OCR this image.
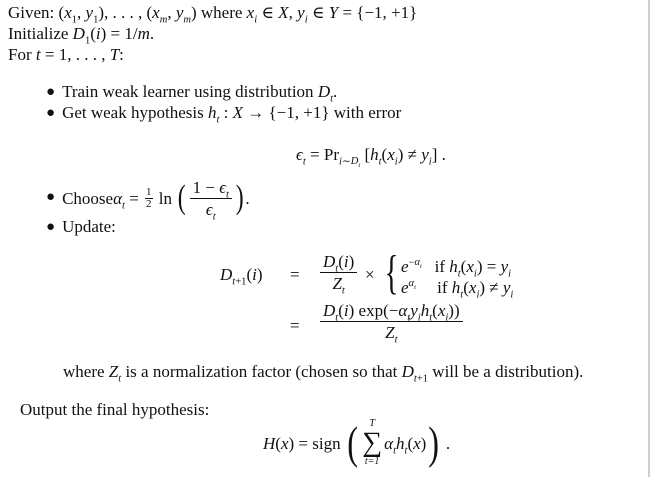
Given: ($x_1$, $y_1$), . . . , ($x_m$, $y_m$) where $x_i$ ∈ X, $y_i$ ∈ Y = {−1, +1}
Initialize $D_1(i) = 1/m$.
For t = 1, . . . , T:
● Train weak learner using distribution $D_t$.
● Get weak hypothesis $h_t$ : X → {−1, +1} with error
$\epsilon_t = Pr_{i\sim D_t}$ $[h_t(x_i) \ne y_i]$ .
● Choose $\alpha_t = \frac{1}{2}$ ln ( $\frac{1 - \epsilon_t}{\epsilon_t}$ ) .
● Update:
$D_{t+1}(i) = \frac{D_t(i)}{Z_t}$ × { $e^{-\alpha_t}$ if $h_t(x_i) = y_i$
$e^{\alpha_t}$ if $h_t(x_i) \ne y_i$
= $\frac{D_t(i) \exp(-\alpha_ty_ih_t(x_i))}{Z_t}$
where $Z_t$ is a normalization factor (chosen so that $D_{t+1}$ will be a distribution).
Output the final hypothesis:
H(x) = sign
( T
∑
t=1
$\alpha_th_t(x)$ ) .
